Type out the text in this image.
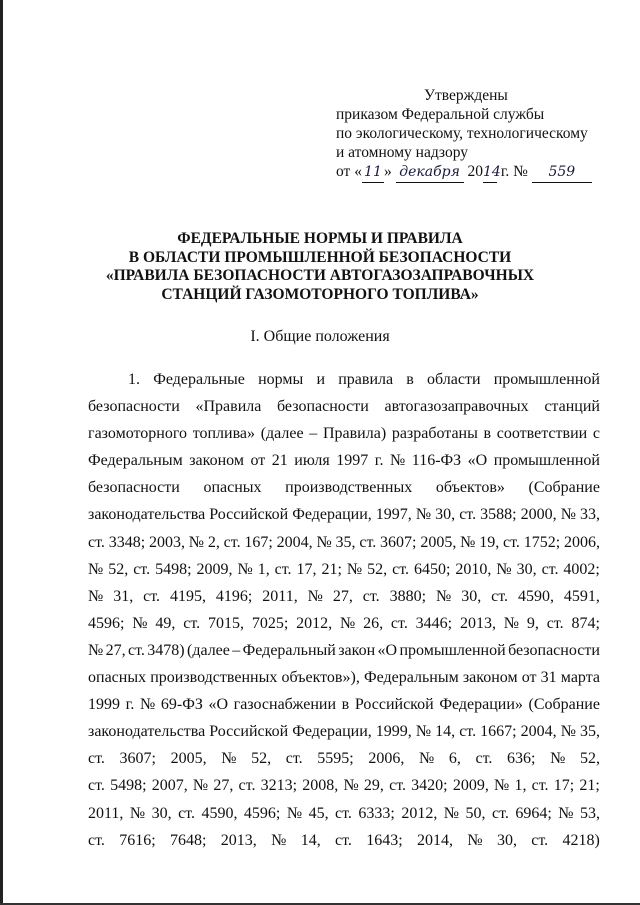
Утверждены
приказом Федеральной службы
по экологическому, технологическому
и атомному надзору
от « 11 » декабря 2014 г. № 559
ФЕДЕРАЛЬНЫЕ НОРМЫ И ПРАВИЛА
В ОБЛАСТИ ПРОМЫШЛЕННОЙ БЕЗОПАСНОСТИ
«ПРАВИЛА БЕЗОПАСНОСТИ АВТОГАЗОЗАПРАВОЧНЫХ
СТАНЦИЙ ГАЗОМОТОРНОГО ТОПЛИВА»
I. Общие положения
1. Федеральные нормы и правила в области промышленной
безопасности «Правила безопасности автогазозаправочных станций
газомоторного топлива» (далее – Правила) разработаны в соответствии с
Федеральным законом от 21 июля 1997 г. № 116-ФЗ «О промышленной
безопасности опасных производственных объектов» (Собрание
законодательства Российской Федерации, 1997, № 30, ст. 3588; 2000, № 33,
ст. 3348; 2003, № 2, ст. 167; 2004, № 35, ст. 3607; 2005, № 19, ст. 1752; 2006,
№ 52, ст. 5498; 2009, № 1, ст. 17, 21; № 52, ст. 6450; 2010, № 30, ст. 4002;
№ 31, ст. 4195, 4196; 2011, № 27, ст. 3880; № 30, ст. 4590, 4591,
4596; № 49, ст. 7015, 7025; 2012, № 26, ст. 3446; 2013, № 9, ст. 874;
№ 27, ст. 3478) (далее – Федеральный закон «О промышленной безопасности
опасных производственных объектов»), Федеральным законом от 31 марта
1999 г. № 69-ФЗ «О газоснабжении в Российской Федерации» (Собрание
законодательства Российской Федерации, 1999, № 14, ст. 1667; 2004, № 35,
ст. 3607; 2005, № 52, ст. 5595; 2006, № 6, ст. 636; № 52,
ст. 5498; 2007, № 27, ст. 3213; 2008, № 29, ст. 3420; 2009, № 1, ст. 17; 21;
2011, № 30, ст. 4590, 4596; № 45, ст. 6333; 2012, № 50, ст. 6964; № 53,
ст. 7616; 7648; 2013, № 14, ст. 1643; 2014, № 30, ст. 4218)
